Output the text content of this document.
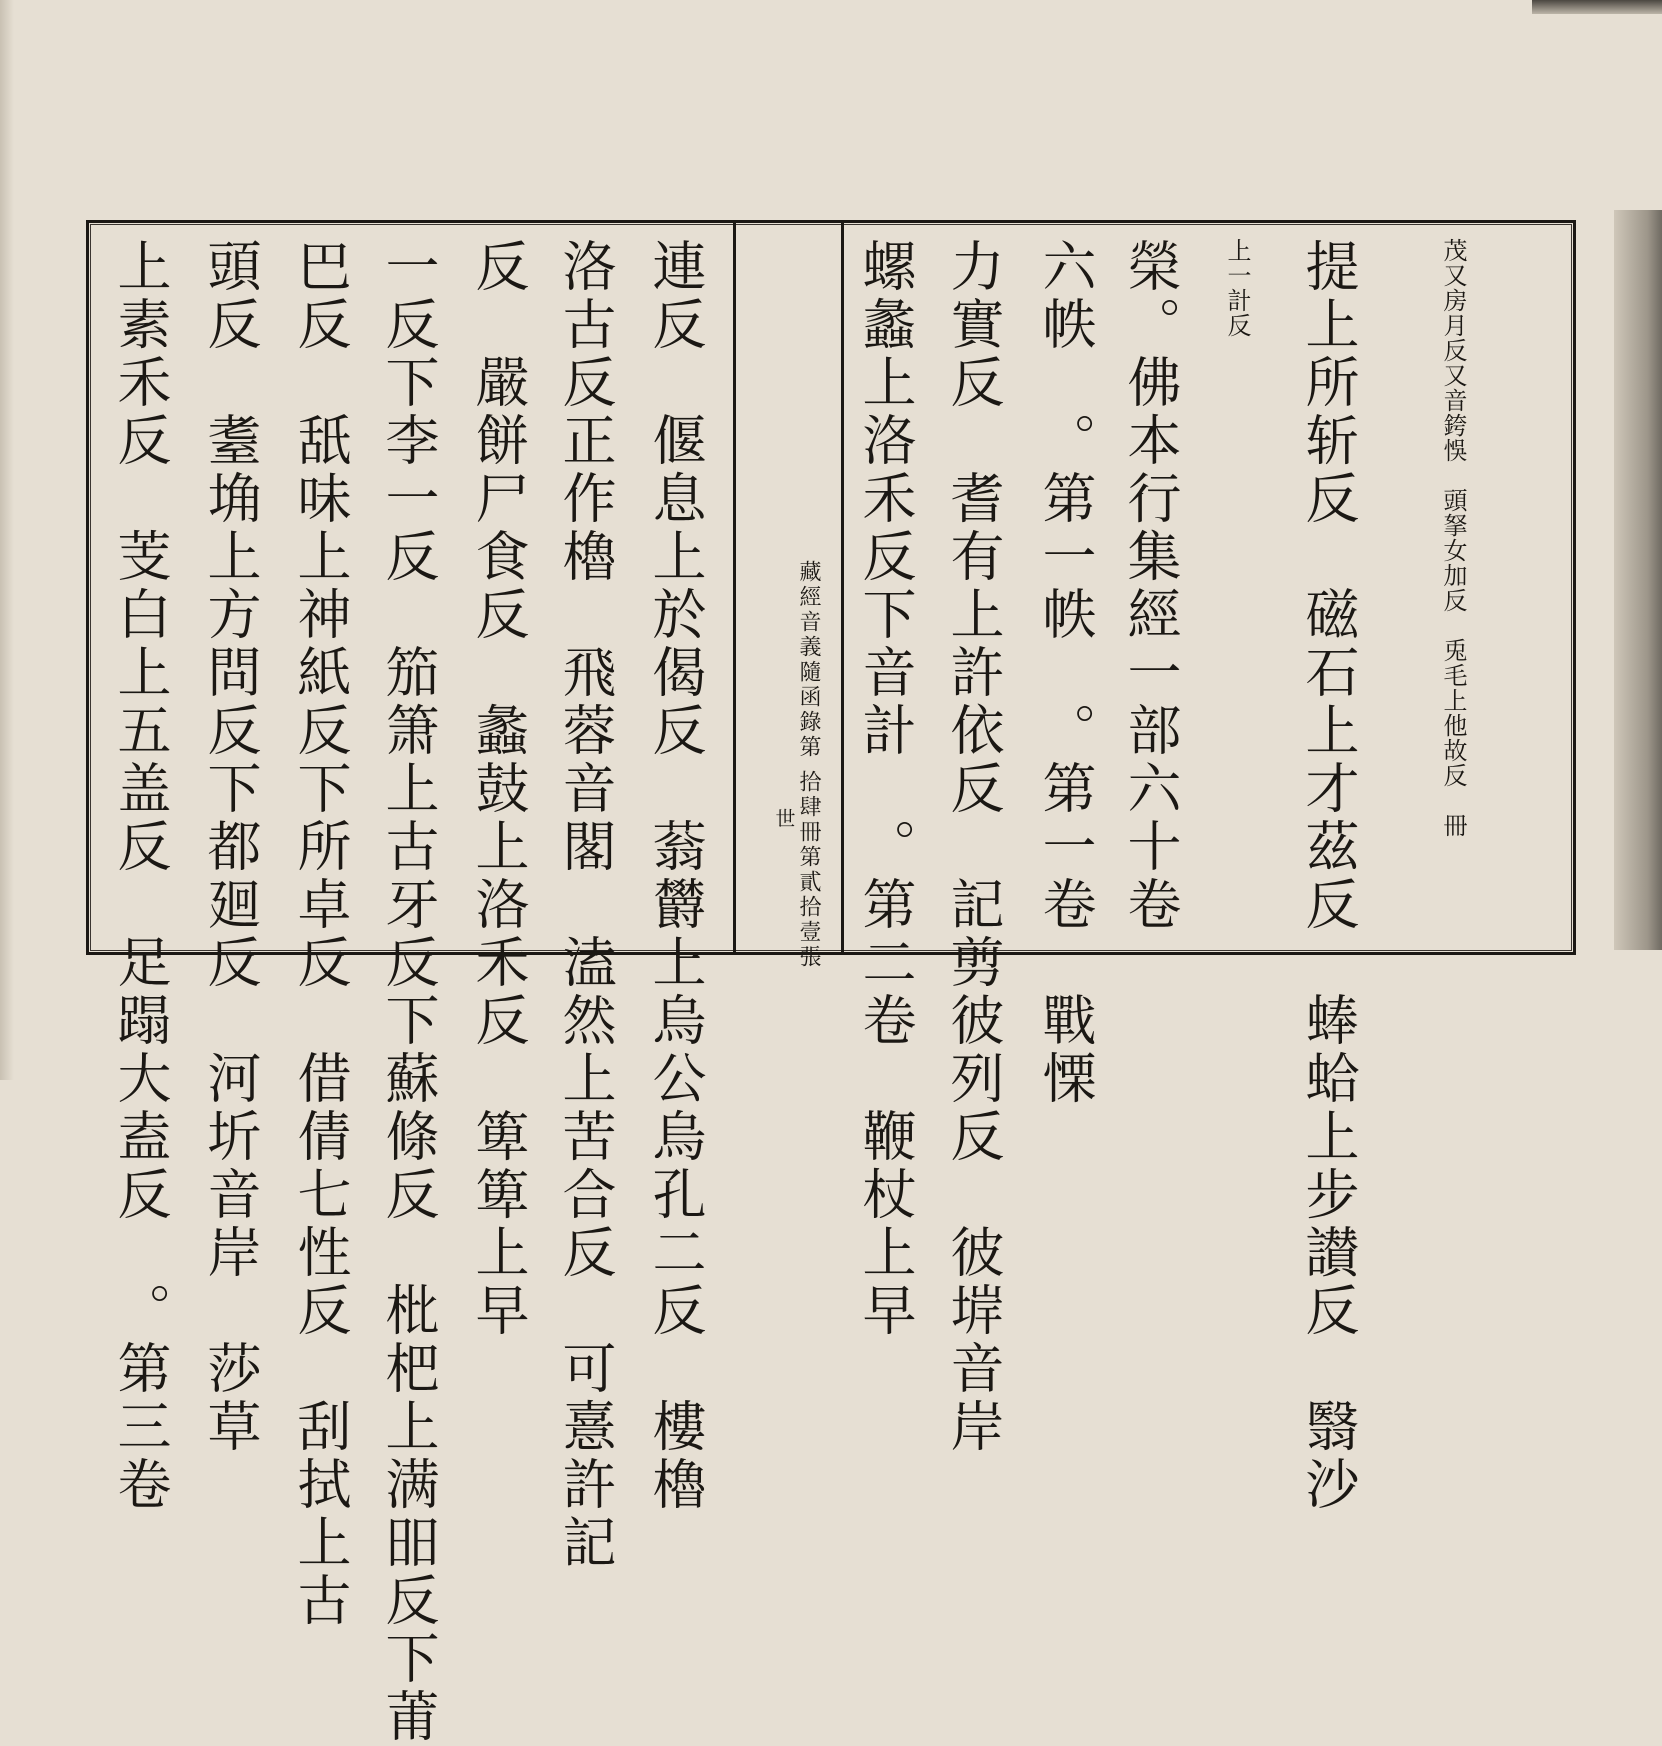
茂又房月反又音銙悞　頭拏女加反　兎毛上他故反　冊
提上所斩反　磁石上才茲反　蜯蛤上步讃反　翳沙
上一計反
榮。佛本行集經一部六十卷
六帙　。第一帙　。第一卷　戰慄
力實反　耆有上許依反　記剪彼列反　彼堓音岸
螺蠡上洛禾反下音計　。第二卷　鞭杖上早
藏經音義隨函錄第 拾肆冊第貳拾壹張
世
連反　偃息上於偈反　蓊欝上烏公烏孔二反　樓櫓
洛古反正作櫓　飛蓉音閣　溘然上苦合反　可憙許記
反　嚴餅尸食反　蠡鼓上洛禾反　箄箄上早
一反下李一反　笳箫上古牙反下蘇條反　枇杷上满昍反下莆
巴反　舐味上神紙反下所卓反　借倩七性反　刮拭上古
頭反　耋埆上方問反下都廻反　河圻音岸　莎草
上素禾反　芰白上五盖反　足蹋大盍反　。第三卷
